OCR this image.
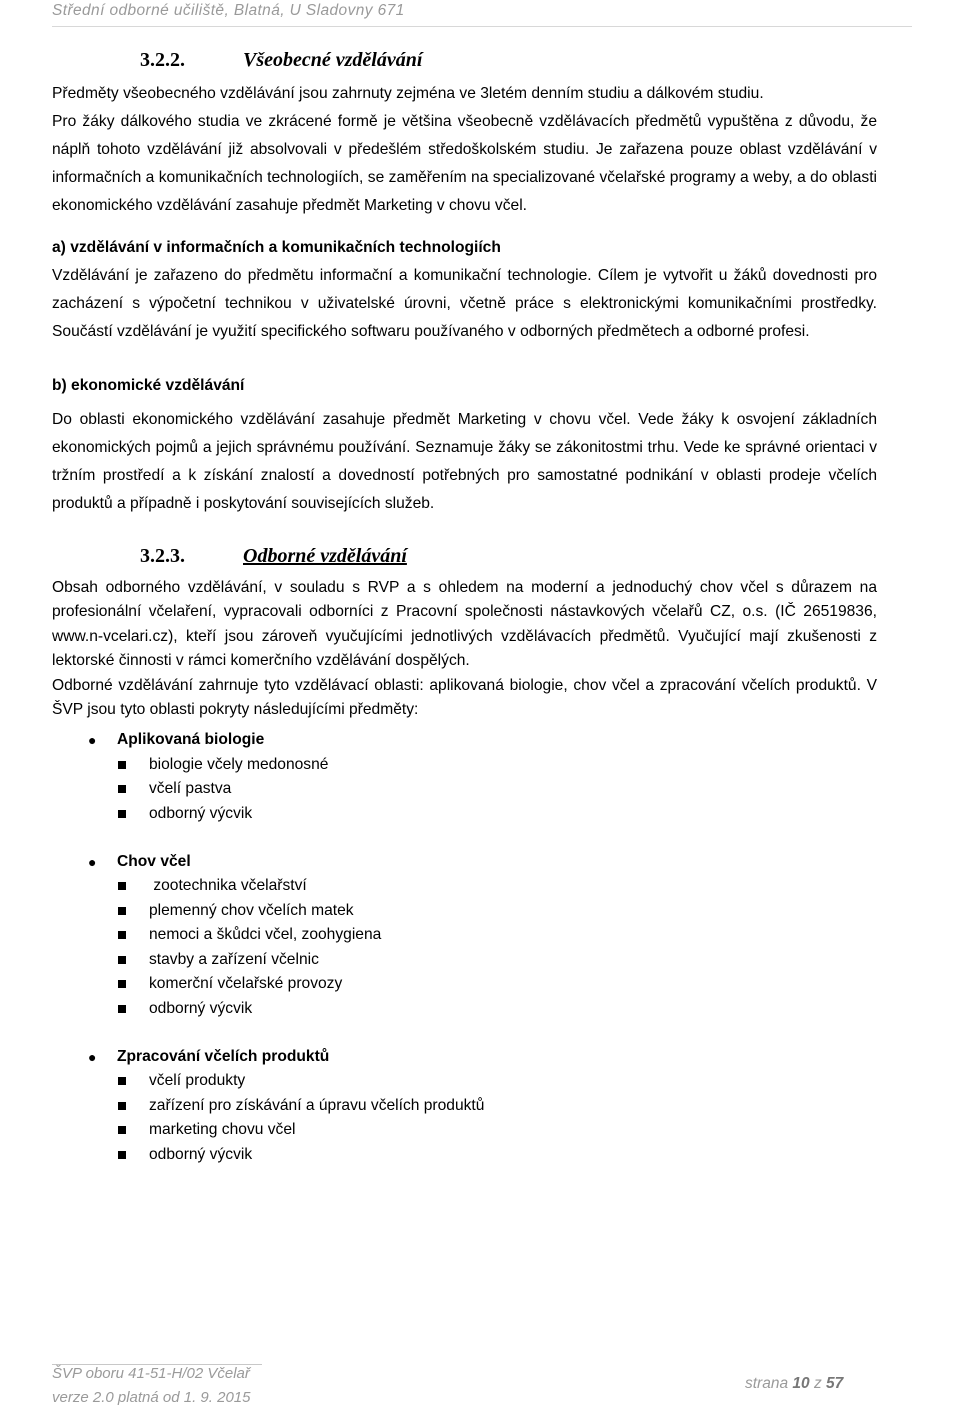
Střední odborné učiliště, Blatná, U Sladovny 671
3.2.2.	Všeobecné vzdělávání

Předměty všeobecného vzdělávání jsou zahrnuty zejména ve 3letém denním studiu a dálkovém studiu.

Pro žáky dálkového studia ve zkrácené formě je většina všeobecně vzdělávacích předmětů vypuštěna z důvodu, že náplň tohoto vzdělávání již absolvovali v předešlém středoškolském studiu. Je zařazena pouze oblast vzdělávání v informačních a komunikačních technologiích, se zaměřením na specializované včelařské programy a weby, a do oblasti ekonomického vzdělávání zasahuje předmět Marketing v chovu včel.

a) vzdělávání v informačních a komunikačních technologiích

Vzdělávání je zařazeno do předmětu informační a komunikační technologie. Cílem je vytvořit u žáků dovednosti pro zacházení s výpočetní technikou v uživatelské úrovni, včetně práce s elektronickými komunikačními prostředky. Součástí vzdělávání je využití specifického softwaru používaného v odborných předmětech a odborné profesi.

b) ekonomické vzdělávání

Do oblasti ekonomického vzdělávání zasahuje předmět Marketing v chovu včel. Vede žáky k osvojení základních ekonomických pojmů a jejich správnému používání. Seznamuje žáky se zákonitostmi trhu. Vede ke správné orientaci v tržním prostředí a k získání znalostí a dovedností potřebných pro samostatné podnikání v oblasti prodeje včelích produktů a případně i poskytování souvisejících služeb.

3.2.3.	Odborné vzdělávání

Obsah odborného vzdělávání, v souladu s RVP a s ohledem na moderní a jednoduchý chov včel s důrazem na profesionální včelaření, vypracovali odborníci z Pracovní společnosti nástavkových včelařů CZ, o.s. (IČ 26519836, www.n-vcelari.cz), kteří jsou zároveň vyučujícími jednotlivých vzdělávacích předmětů. Vyučující mají zkušenosti z lektorské činnosti v rámci komerčního vzdělávání dospělých.

Odborné vzdělávání zahrnuje tyto vzdělávací oblasti: aplikovaná biologie, chov včel a zpracování včelích produktů. V ŠVP jsou tyto oblasti pokryty následujícími předměty:

● Aplikovaná biologie
biologie včely medonosné
včelí pastva
odborný výcvik
● Chov včel
zootechnika včelařství
plemenný chov včelích matek
nemoci a škůdci včel, zoohygiena
stavby a zařízení včelnic
komerční včelařské provozy
odborný výcvik
● Zpracování včelích produktů
včelí produkty
zařízení pro získávání a úpravu včelích produktů
marketing chovu včel
odborný výcvik
ŠVP oboru 41-51-H/02 Včelař
verze 2.0 platná od 1. 9. 2015
strana 10 z 57
